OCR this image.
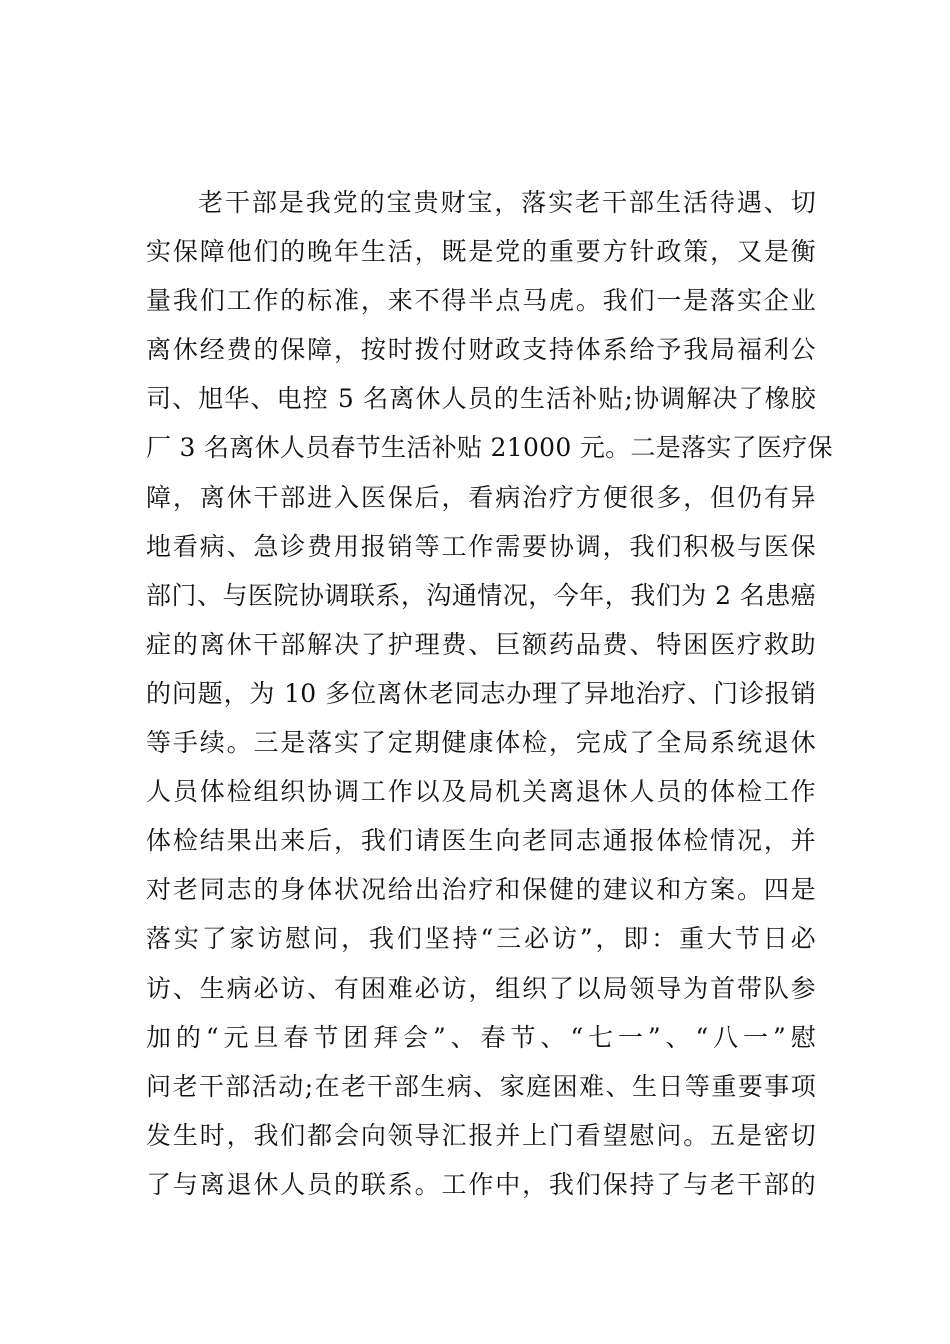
老干部是我党的宝贵财宝，落实老干部生活待遇、切
实保障他们的晚年生活，既是党的重要方针政策，又是衡
量我们工作的标准，来不得半点马虎。我们一是落实企业
离休经费的保障，按时拨付财政支持体系给予我局福利公
司、旭华、电控 5 名离休人员的生活补贴;协调解决了橡胶
厂 3 名离休人员春节生活补贴 21000 元。二是落实了医疗保
障，离休干部进入医保后，看病治疗方便很多，但仍有异
地看病、急诊费用报销等工作需要协调，我们积极与医保
部门、与医院协调联系，沟通情况，今年，我们为 2 名患癌
症的离休干部解决了护理费、巨额药品费、特困医疗救助
的问题，为 10 多位离休老同志办理了异地治疗、门诊报销
等手续。三是落实了定期健康体检，完成了全局系统退休
人员体检组织协调工作以及局机关离退休人员的体检工作
体检结果出来后，我们请医生向老同志通报体检情况，并
对老同志的身体状况给出治疗和保健的建议和方案。四是
落实了家访慰问，我们坚持“三必访”，即：重大节日必
访、生病必访、有困难必访，组织了以局领导为首带队参
加的“元旦春节团拜会”、春节、“七一”、“八一”慰
问老干部活动;在老干部生病、家庭困难、生日等重要事项
发生时，我们都会向领导汇报并上门看望慰问。五是密切
了与离退休人员的联系。工作中，我们保持了与老干部的
